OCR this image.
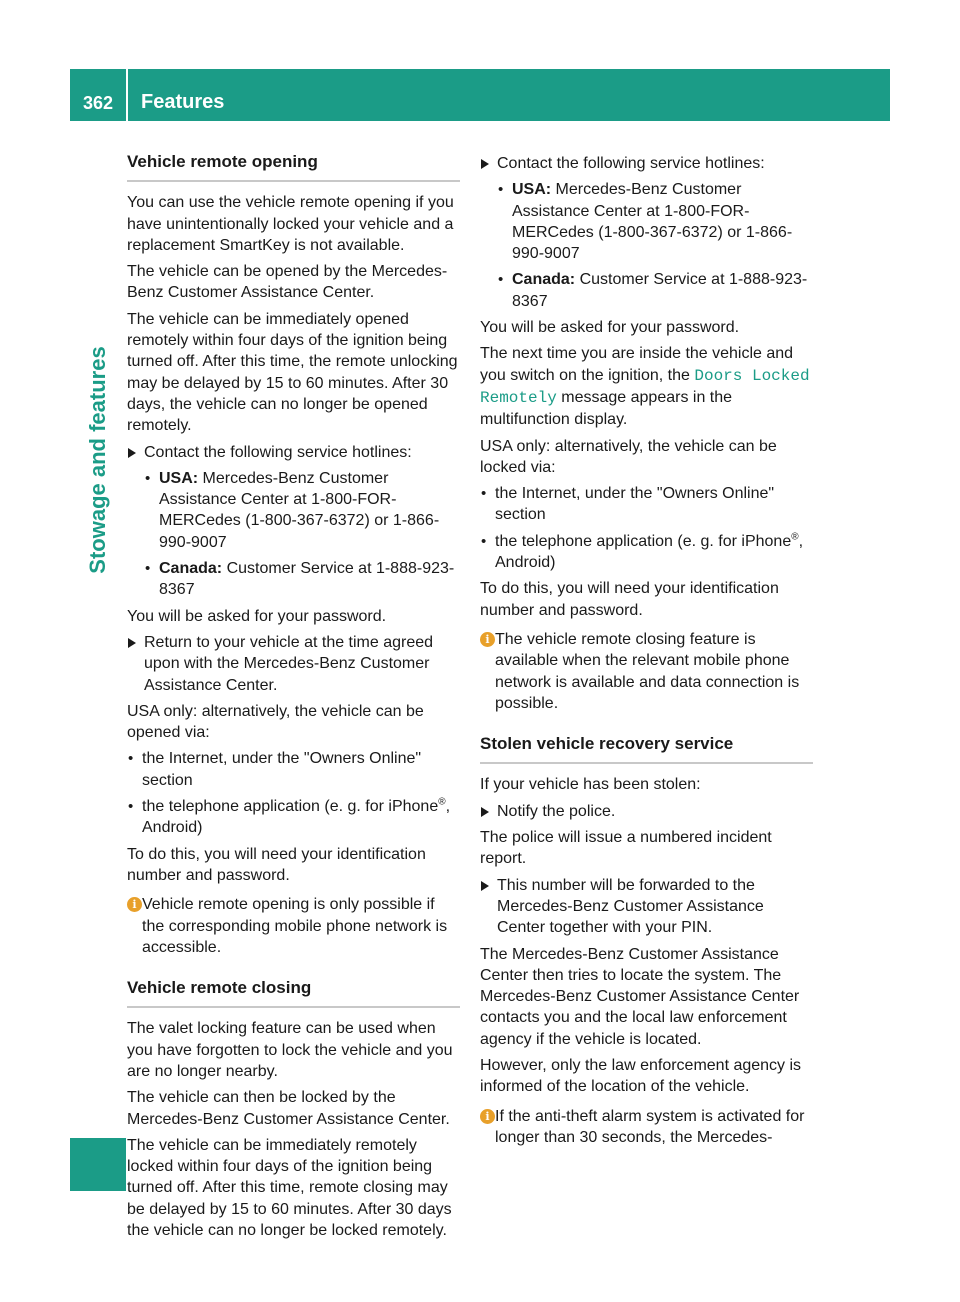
362	Features
Stowage and features
Vehicle remote opening

You can use the vehicle remote opening if you have unintentionally locked your vehicle and a replacement SmartKey is not available.

The vehicle can be opened by the Mercedes-Benz Customer Assistance Center.

The vehicle can be immediately opened remotely within four days of the ignition being turned off. After this time, the remote unlocking may be delayed by 15 to 60 minutes. After 30 days, the vehicle can no longer be opened remotely.

Contact the following service hotlines:
• USA: Mercedes-Benz Customer Assistance Center at 1-800-FOR-MERCedes (1-800-367-6372) or 1-866-990-9007
• Canada: Customer Service at 1-888-923-8367

You will be asked for your password.

Return to your vehicle at the time agreed upon with the Mercedes-Benz Customer Assistance Center.

USA only: alternatively, the vehicle can be opened via:

• the Internet, under the "Owners Online" section
• the telephone application (e. g. for iPhone®, Android)

To do this, you will need your identification number and password.

i Vehicle remote opening is only possible if the corresponding mobile phone network is accessible.
Vehicle remote closing

The valet locking feature can be used when you have forgotten to lock the vehicle and you are no longer nearby.

The vehicle can then be locked by the Mercedes-Benz Customer Assistance Center.

The vehicle can be immediately remotely locked within four days of the ignition being turned off. After this time, remote closing may be delayed by 15 to 60 minutes. After 30 days the vehicle can no longer be locked remotely.

Contact the following service hotlines:
• USA: Mercedes-Benz Customer Assistance Center at 1-800-FOR-MERCedes (1-800-367-6372) or 1-866-990-9007
• Canada: Customer Service at 1-888-923-8367

You will be asked for your password.

The next time you are inside the vehicle and you switch on the ignition, the Doors Locked Remotely message appears in the multifunction display.

USA only: alternatively, the vehicle can be locked via:

• the Internet, under the "Owners Online" section
• the telephone application (e. g. for iPhone®, Android)

To do this, you will need your identification number and password.

i The vehicle remote closing feature is available when the relevant mobile phone network is available and data connection is possible.
Stolen vehicle recovery service

If your vehicle has been stolen:

Notify the police.

The police will issue a numbered incident report.

This number will be forwarded to the Mercedes-Benz Customer Assistance Center together with your PIN.

The Mercedes-Benz Customer Assistance Center then tries to locate the system. The Mercedes-Benz Customer Assistance Center contacts you and the local law enforcement agency if the vehicle is located.

However, only the law enforcement agency is informed of the location of the vehicle.

i If the anti-theft alarm system is activated for longer than 30 seconds, the Mercedes-
